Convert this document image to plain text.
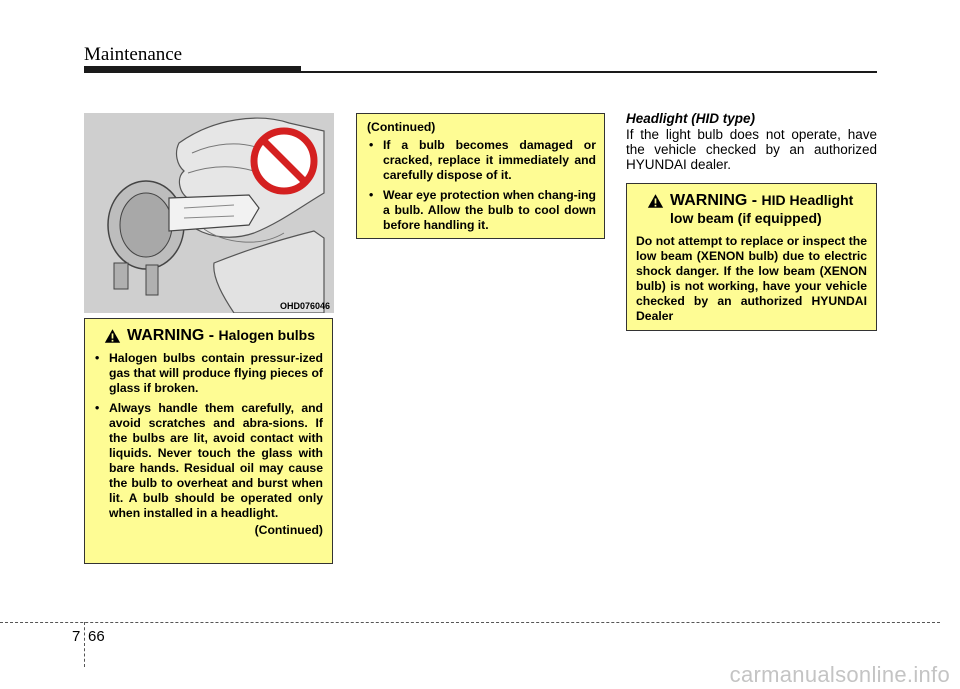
Maintenance
OHD076046
WARNING - Halogen bulbs
• Halogen bulbs contain pressur-ized gas that will produce flying pieces of glass if broken.
• Always handle them carefully, and avoid scratches and abra-sions. If the bulbs are lit, avoid contact with liquids. Never touch the glass with bare hands. Residual oil may cause the bulb to overheat and burst when lit. A bulb should be operated only when installed in a headlight.
(Continued)
(Continued)
• If a bulb becomes damaged or cracked, replace it immediately and carefully dispose of it.
• Wear eye protection when chang-ing a bulb. Allow the bulb to cool down before handling it.
Headlight (HID type)
If the light bulb does not operate, have the vehicle checked by an authorized HYUNDAI dealer.
WARNING - HID Headlight low beam (if equipped)
Do not attempt to replace or inspect the low beam (XENON bulb) due to electric shock danger. If the low beam (XENON bulb) is not working, have your vehicle checked by an authorized HYUNDAI Dealer
7 66
carmanualsonline.info
